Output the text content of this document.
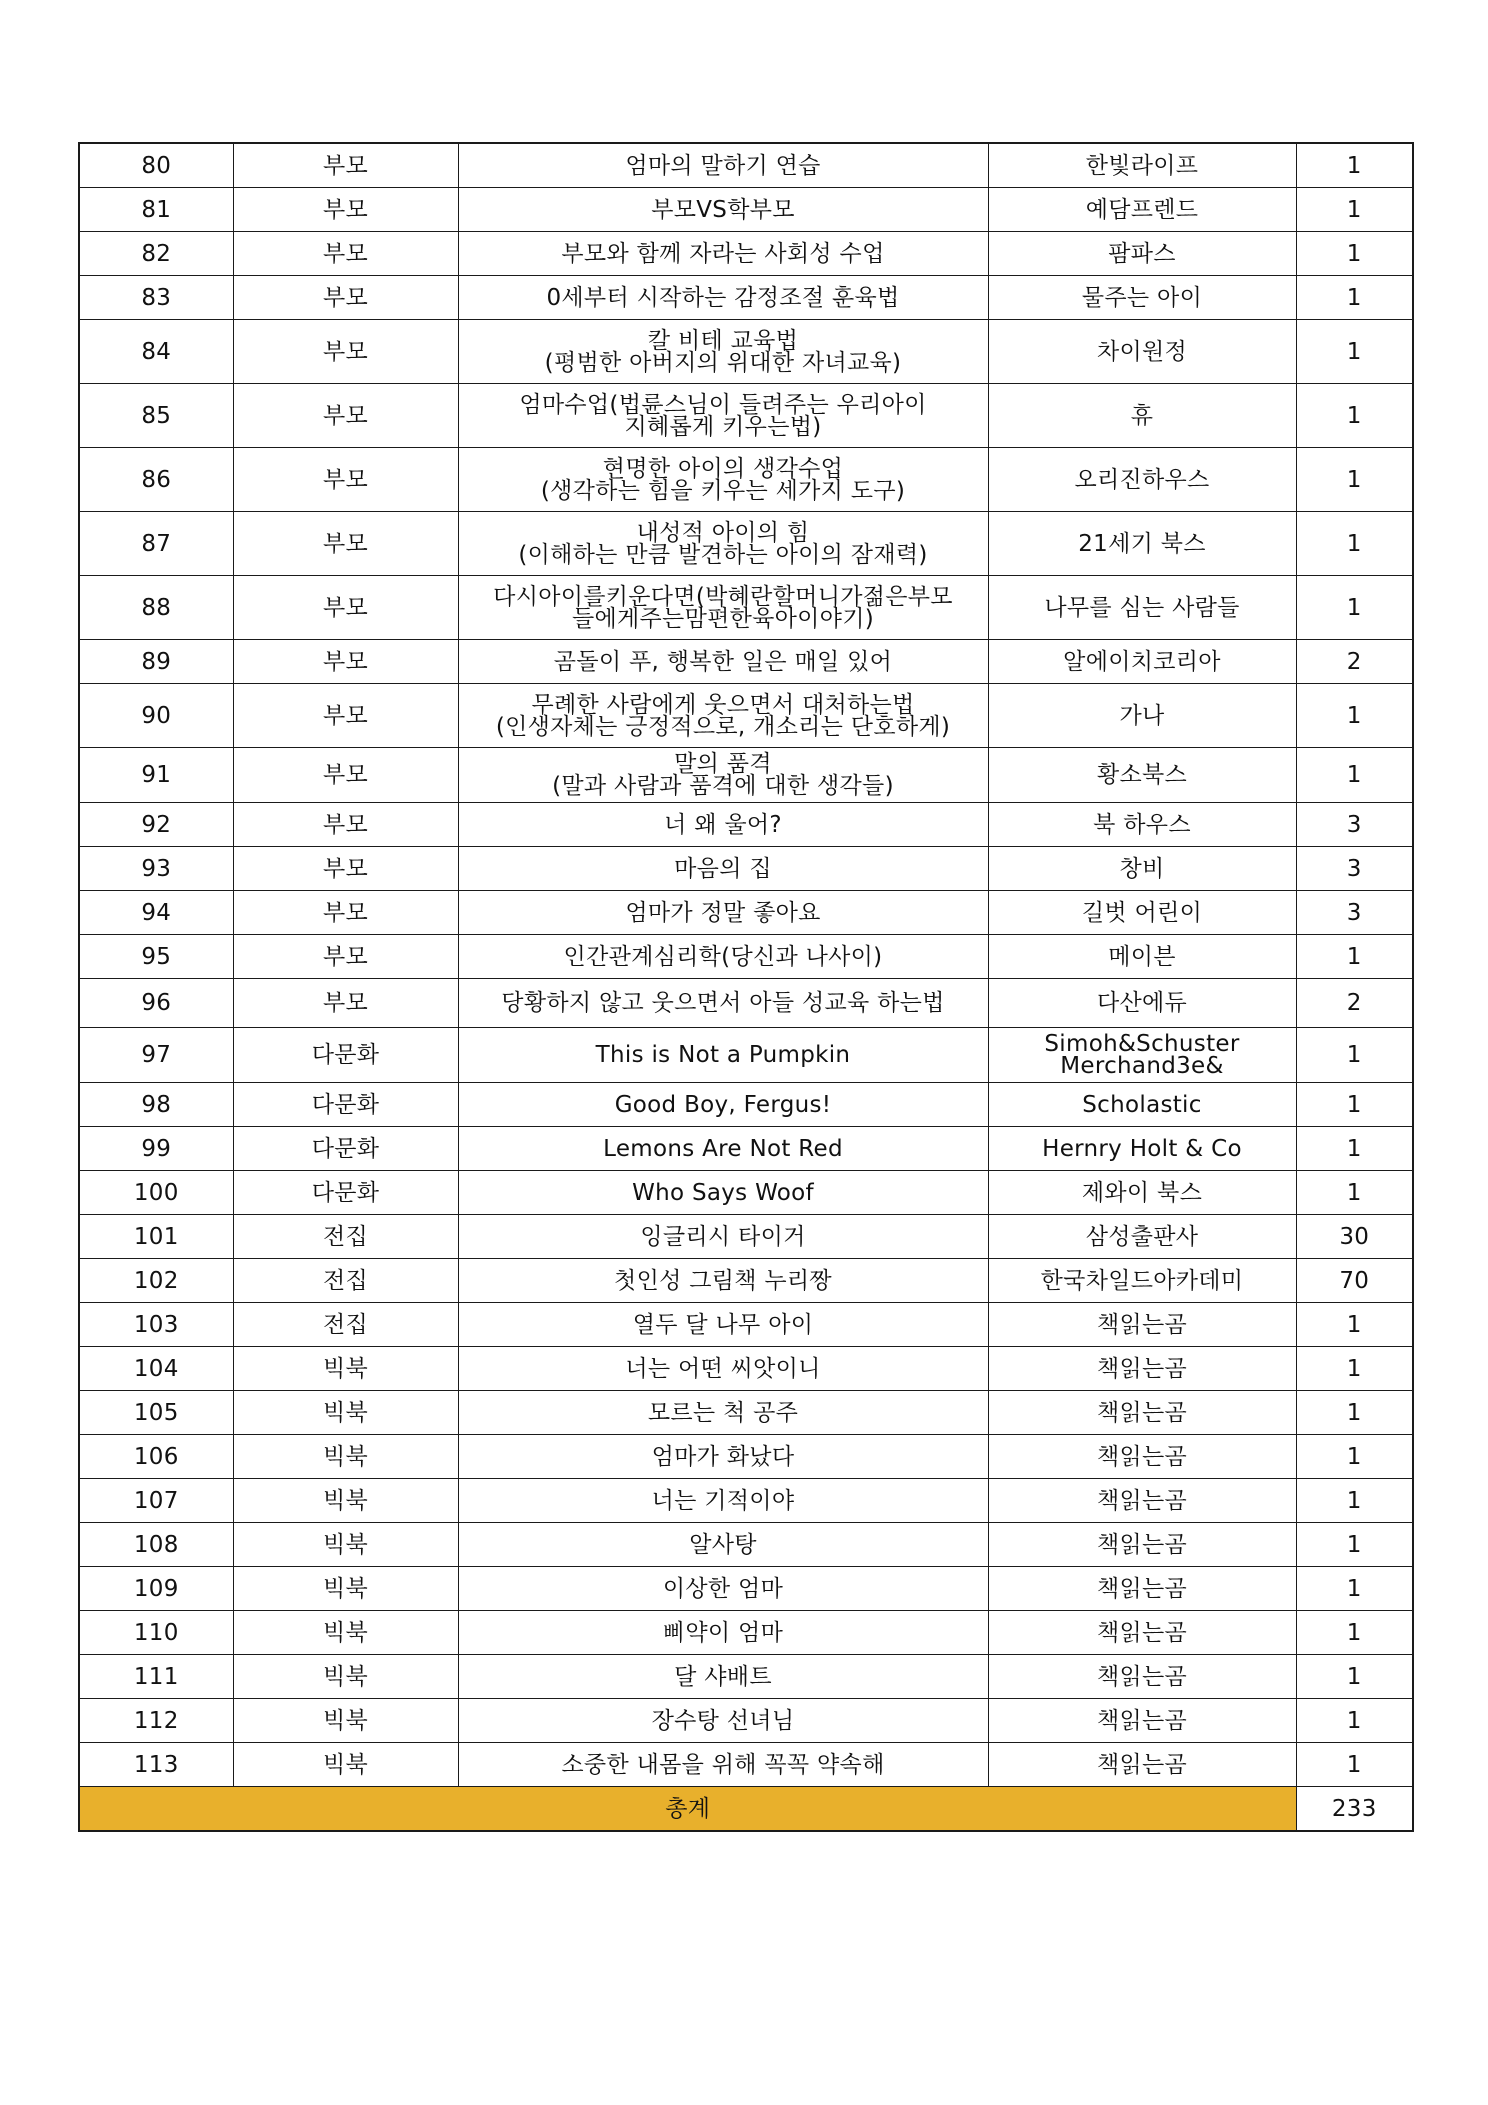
80	부모	엄마의 말하기 연습	한빛라이프	1
81	부모	부모VS학부모	예담프렌드	1
82	부모	부모와 함께 자라는 사회성 수업	팜파스	1
83	부모	0세부터 시작하는 감정조절 훈육법	물주는 아이	1
84	부모	칼 비테 교육법
(평범한 아버지의 위대한 자녀교육)	차이원정	1
85	부모	엄마수업(법륜스님이 들려주는 우리아이
지혜롭게 키우는법)	휴	1
86	부모	현명한 아이의 생각수업
(생각하는 힘을 키우는 세가지 도구)	오리진하우스	1
87	부모	내성적 아이의 힘
(이해하는 만큼 발견하는 아이의 잠재력)	21세기 북스	1
88	부모	다시아이를키운다면(박혜란할머니가젊은부모
들에게주는맘편한육아이야기)	나무를 심는 사람들	1
89	부모	곰돌이 푸, 행복한 일은 매일 있어	알에이치코리아	2
90	부모	무례한 사람에게 웃으면서 대처하는법
(인생자체는 긍정적으로, 개소리는 단호하게)	가나	1
91	부모	말의 품격
(말과 사람과 품격에 대한 생각들)	황소북스	1
92	부모	너 왜 울어?	북 하우스	3
93	부모	마음의 집	창비	3
94	부모	엄마가 정말 좋아요	길벗 어린이	3
95	부모	인간관계심리학(당신과 나사이)	메이븐	1
96	부모	당황하지 않고 웃으면서 아들 성교육 하는법	다산에듀	2
97	다문화	This is Not a Pumpkin	Simoh&Schuster
Merchand3e&	1
98	다문화	Good Boy, Fergus!	Scholastic	1
99	다문화	Lemons Are Not Red	Hernry Holt & Co	1
100	다문화	Who Says Woof	제와이 북스	1
101	전집	잉글리시 타이거	삼성출판사	30
102	전집	첫인성 그림책 누리짱	한국차일드아카데미	70
103	전집	열두 달 나무 아이	책읽는곰	1
104	빅북	너는 어떤 씨앗이니	책읽는곰	1
105	빅북	모르는 척 공주	책읽는곰	1
106	빅북	엄마가 화났다	책읽는곰	1
107	빅북	너는 기적이야	책읽는곰	1
108	빅북	알사탕	책읽는곰	1
109	빅북	이상한 엄마	책읽는곰	1
110	빅북	삐약이 엄마	책읽는곰	1
111	빅북	달 샤배트	책읽는곰	1
112	빅북	장수탕 선녀님	책읽는곰	1
113	빅북	소중한 내몸을 위해 꼭꼭 약속해	책읽는곰	1
총계				233
